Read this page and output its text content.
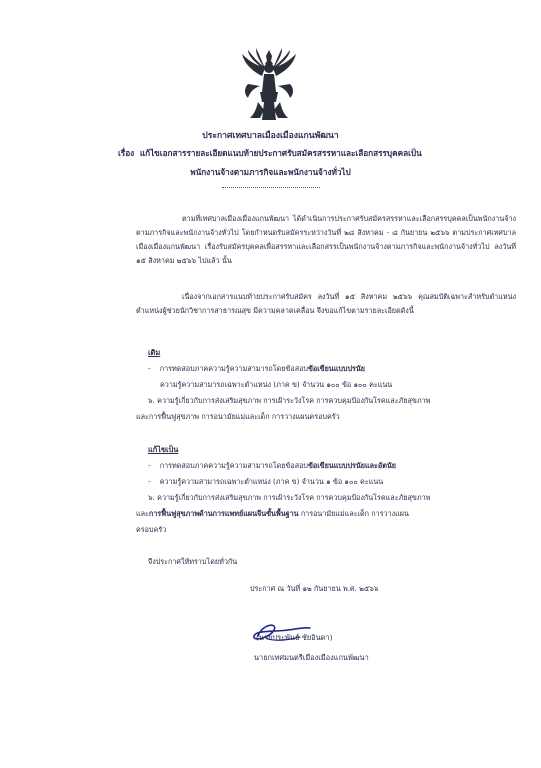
ประกาศเทศบาลเมืองเมืองแกนพัฒนา
เรื่อง แก้ไขเอกสารรายละเอียดแนบท้ายประกาศรับสมัครสรรหาและเลือกสรรบุคคลเป็น
พนักงานจ้างตามภารกิจและพนักงานจ้างทั่วไป
ตามที่เทศบาลเมืองเมืองแกนพัฒนา ได้ดำเนินการประกาศรับสมัครสรรหาและเลือกสรรบุคคลเป็นพนักงานจ้างตามภารกิจและพนักงานจ้างทั่วไป โดยกำหนดรับสมัครระหว่างวันที่ ๒๘ สิงหาคม - ๘ กันยายน ๒๕๖๖ ตามประกาศเทศบาลเมืองเมืองแกนพัฒนา เรื่องรับสมัครบุคคลเพื่อสรรหาและเลือกสรรเป็นพนักงานจ้างตามภารกิจและพนักงานจ้างทั่วไป ลงวันที่ ๑๕ สิงหาคม ๒๕๖๖ ไปแล้ว นั้น
เนื่องจากเอกสารแนบท้ายประกาศรับสมัคร ลงวันที่ ๑๕ สิงหาคม ๒๕๖๖ คุณสมบัติเฉพาะสำหรับตำแหน่ง ตำแหน่งผู้ช่วยนักวิชาการสาธารณสุข มีความคลาดเคลื่อน จึงขอแก้ไขตามรายละเอียดดังนี้
เดิม
- การทดสอบภาคความรู้ความสามารถโดยข้อสอบข้อเขียนแบบปรนัย
ความรู้ความสามารถเฉพาะตำแหน่ง (ภาค ข) จำนวน ๑๐๐ ข้อ ๑๐๐ คะแนน
๖. ความรู้เกี่ยวกับการส่งเสริมสุขภาพ การเฝ้าระวังโรค การควบคุมป้องกันโรคและภัยสุขภาพ
และการฟื้นฟูสุขภาพ การอนามัยแม่และเด็ก การวางแผนครอบครัว
แก้ไขเป็น
- การทดสอบภาคความรู้ความสามารถโดยข้อสอบข้อเขียนแบบปรนัยและอัตนัย
- ความรู้ความสามารถเฉพาะตำแหน่ง (ภาค ข) จำนวน ๑ ข้อ ๑๐๐ คะแนน
๖. ความรู้เกี่ยวกับการส่งเสริมสุขภาพ การเฝ้าระวังโรค การควบคุมป้องกันโรคและภัยสุขภาพ
และการฟื้นฟูสุขภาพด้านการแพทย์แผนจีนขั้นพื้นฐาน การอนามัยแม่และเด็ก การวางแผน
ครอบครัว
จึงประกาศให้ทราบโดยทั่วกัน
ประกาศ ณ วันที่ ๑๒ กันยายน พ.ศ. ๒๕๖๖
(นายประพันธ์ ชัยอินดา)
นายกเทศมนตรีเมืองเมืองแกนพัฒนา
